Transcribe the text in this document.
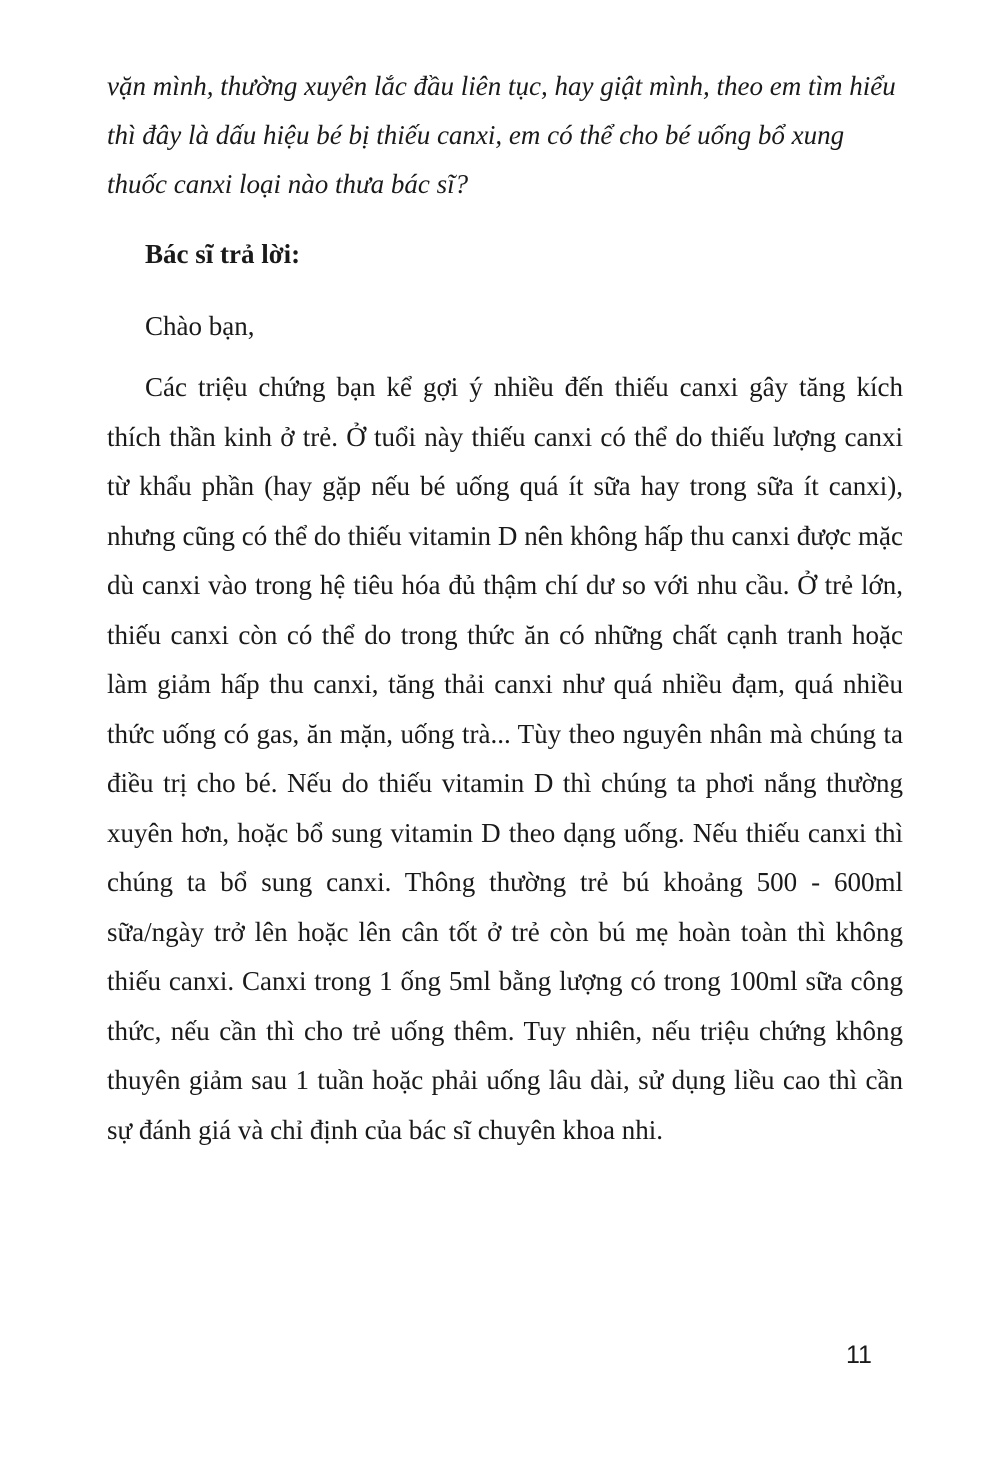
vặn mình, thường xuyên lắc đầu liên tục, hay giật mình, theo em tìm hiểu thì đây là dấu hiệu bé bị thiếu canxi, em có thể cho bé uống bổ xung thuốc canxi loại nào thưa bác sĩ?

Bác sĩ trả lời:

Chào bạn,

Các triệu chứng bạn kể gợi ý nhiều đến thiếu canxi gây tăng kích thích thần kinh ở trẻ. Ở tuổi này thiếu canxi có thể do thiếu lượng canxi từ khẩu phần (hay gặp nếu bé uống quá ít sữa hay trong sữa ít canxi), nhưng cũng có thể do thiếu vitamin D nên không hấp thu canxi được mặc dù canxi vào trong hệ tiêu hóa đủ thậm chí dư so với nhu cầu. Ở trẻ lớn, thiếu canxi còn có thể do trong thức ăn có những chất cạnh tranh hoặc làm giảm hấp thu canxi, tăng thải canxi như quá nhiều đạm, quá nhiều thức uống có gas, ăn mặn, uống trà... Tùy theo nguyên nhân mà chúng ta điều trị cho bé. Nếu do thiếu vitamin D thì chúng ta phơi nắng thường xuyên hơn, hoặc bổ sung vitamin D theo dạng uống. Nếu thiếu canxi thì chúng ta bổ sung canxi. Thông thường trẻ bú khoảng 500 - 600ml sữa/ngày trở lên hoặc lên cân tốt ở trẻ còn bú mẹ hoàn toàn thì không thiếu canxi. Canxi trong 1 ống 5ml bằng lượng có trong 100ml sữa công thức, nếu cần thì cho trẻ uống thêm. Tuy nhiên, nếu triệu chứng không thuyên giảm sau 1 tuần hoặc phải uống lâu dài, sử dụng liều cao thì cần sự đánh giá và chỉ định của bác sĩ chuyên khoa nhi.

11
